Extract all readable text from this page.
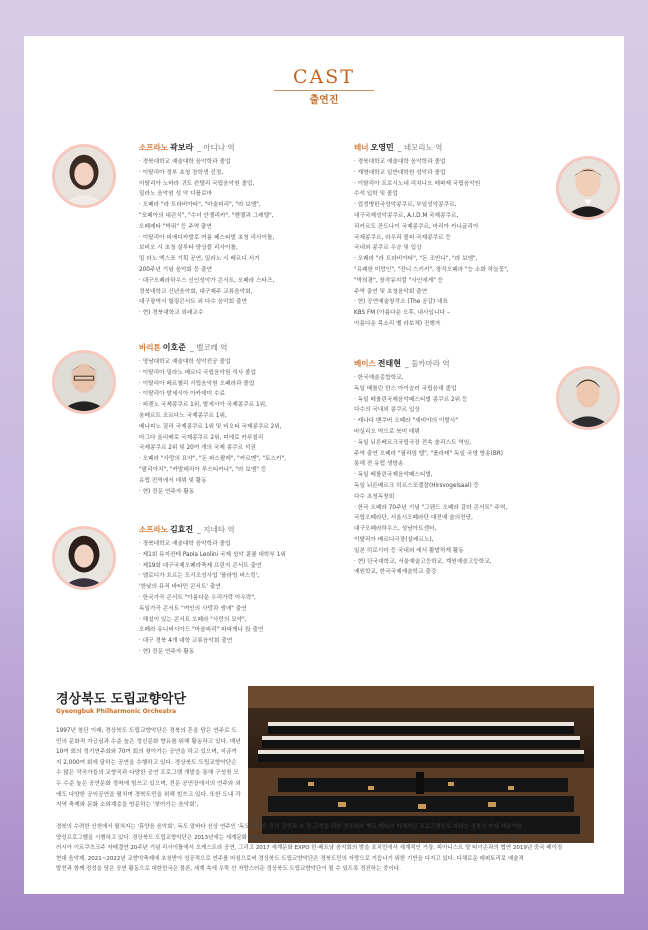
CAST
출연진
소프라노 곽보라 _ 아디나 역
· 경북대학교 예술대학 음악학과 졸업
· 이탈리아 정부 초청 장학생 선정,
이탈리아 노바라 귀도 칸텔리 국립음악원 졸업,
밀라노 음악원 성 악 디플로마
· 오페라 "라 트라비아타", "마술피리", "라 보엠",
"포페아의 대관식", "수녀 안젤리카", "헨젤과 그레텔",
오페레타 "박쥐" 등 주역 출연
· 이탈리아 피에디카발로 여름 페스티벌 초청 리사이틀,
보비오 시 초청 살루타 양상블 리사이틀,
밀 라노 엑스포 기획 공연, 밀라노 시 베르디 서거
200주년 기념 음악회 등 출연
· 대구오페라하우스 신인성악가 콘서트, 오페라 스타즈,
경북대학교 신년음악회, 대구제주 교류음악회,
대구광역시 힐링콘서트 외 다수 음악회 출연
· 현) 경북대학교 외래교수
테너 오영민 _ 네모리노 역
· 경북대학교 예술대학 음악학과 졸업
· 계명대학교 일반대학원 성악과 졸업
· 이탈리아 프로시노네 리치나오 레파제 국립음악원
수석 입학 및 졸업
· 업정병한국성악콩쿠르, 부일성악콩쿠르,
대구국제성악콩쿠르, A.I.D.M 국제콩쿠르,
리카르도 잔도나이 국제콩쿠르, 마리아 카니글리아
국제콩쿠르, 라우리 볼피 국제콩쿠르 등
국내외 콩쿠르 우승 및 입상
· 오페라 "라 트라비아타", "돈 조반니", "라 보엠",
"유쾌한 미망인", "잔니 스키키", 창작오페라 "능 소화 하늘꽃",
"박희광", 창작뮤지컬 "사인에게" 등
주역 출연 및 초청음악회 출연
· 현) 공연예술창작소 (The 공감) 대표
KBS FM (아름다운 오후, 내사입니다 –
아름다운 목소리 벨 라보체) 진행자
바리톤 이호준 _ 벨코레 역
· 영남대학교 예술대학 성악전공 졸업
· 이탈리아 밀라노 베르디 국립음악원 석사 졸업
· 이탈리아 베르첼리 시립음악원 오페라과 졸업
· 이탈리아 발세시아 아카데미 수료
· 피렌노 국제콩쿠르 1위, 발세시아 국제콩쿠르 1위,
움베르트 조르다노 국제콩쿠르 1위,
베나피노 질리 국제콩쿠르 1위 및 비오티 국제콩쿠르 2위,
마그다 올리베로 국제콩쿠르 2위, 피에로 카푸칠리
국제콩쿠르 2위 및 20여 개의 국제 콩쿠르 석권
· 오페라 "사랑의 묘약", "돈 파스콸레", "카르멘", "토스카",
"팔리아치", "카발레리아 루스티카나", "라 보엠" 등
유럽 전역에서 데뷔 및 활동
· 현) 전문 연주자 활동
베이스 전태현 _ 둘카마라 역
· 한국예술종합학교,
독일 베를린 한스 아이슬러 국립음대 졸업
· 독일 베를린국제음악페스티벌 콩쿠르 2위 등
다수의 국내외 콩쿠르 입상
· 캐나다 밴쿠버 오페라 "세비야의 이발사"
바실리오 역으로 북미 데뷔
· 독일 뉘른베르크국립극장 전속 솔리스트 역임,
주역 출연 오페라 "필리엄 텔", "플라테" 독일 국영 방송(BR)
통해 전 유럽 생방송
· 독일 베를린국제음악페스티벌,
독일 뉘른베르크 히르스포겔잘(Hirsvogelsaal) 등
다수 초청독창회
· 한국 오페라 70주년 기념 "그랜드 오페라 갈라 콘서트" 주역,
국립오페라단, 서울시오페라단 대전예 술의전당,
대구오페라하우스, 성남아트센터,
이탈리아 베르디극장(살레르노),
일본 히로시마 등 국내외 에서 활발하게 활동
· 현) 단국대학교, 서울예술고등학교, 계원예술고등학교,
예원학교, 한국국제예술학교 출강
소프라노 김효진 _ 지네타 역
· 경북대학교 예술대학 음악학과 졸업
· 제1회 뮤지컨테 Paola Leolini 국제 성악 콩쿨 대학부 1위
· 제19회 대구국제오페라축제 프린지 콘서트 출연
· 앨로디가 흐르는 도시조성사업 '플라빙 버스킹',
'한낮의 뮤직 바타민 콘서트' 출연
· 한국가곡 콘서트 "아름다운 우리가락 아우락",
독일가곡 콘서트 "여인의 사랑과 생애" 출연
· 해설이 있는 콘서트 오페라 "사랑의 묘약",
오페라 유니버시아드 "마술피리" 파파게나 役 출연
· 대구 경북 4개 대학 교류음악회 출연
· 현) 전문 연주자 활동
경상북도 도립교향악단
Gyeongbuk Philharmonic Orchestra

1997년 창단 이래, 경상북도 도립교향악단은 경북의 흔을 담은 연주로 도민의 문화적 자긍심과 수준 높은 정신문화 향유를 위해 활동하고 있다. 매년 10여 회의 정기연주회와 70여 회의 찾아가는 공연을 하고 있으며, 지금까지 2,000여 회에 달하는 공연을 수행하고 있다. 경상북도 도립교향악단은 수 많은 작곡가들의 교향곡과 다양한 공연 프로그램 개발을 통해 구성원 모두 수준 높은 공연문화 정착에 힘쓰고 있으며, 전문 공연장에서의 연주와 외에도 다양한 공익공연을 펼치며 경북도민을 위해 힘쓰고 있다. 또한 도내 각 지역 축제와 문화 소외계층을 방문하는 '찾아가는 음악회',

경북의 수려한 산천에서 펼쳐지는 '휴양음 음악회', 독도 알바다 선상 연주인 '독도음악회' 등의 공연과 초·중·고생을 위한 연주회와 멘토·멘티의 자체적인 프로그램들로 자라는 경북의 미래 예술자원
양성프로그램을 시행하고 있다. 경상북도 도립교향악단은 2013년에는 세계문화 EXPO에서 이스탄불 CRR오케스트라와의 합동공연 및 터키 현지 공연을 초청 속에 마쳤으며, 2016년 경상북도와
러시아 이르쿠츠크주 자매결연 20주년 기념 리사이틀에서 오케스트라 공연, 그리고 2017 세계문화 EXPO 한·베트남 음악회의 밤을 호치민에서 세계적인 거장, 피아니스트 당 타이손과의 협연 2019년 중국 베이징
현대 음악제, 2021~2022년 교향악축제에 초청받아 성공적으로 연주를 마침으로써 경상북도 도립교향악단은 경북도민의 자랑으로 거듭나기 위한 기반을 다지고 있다. 다채로운 레퍼토리로 예술적
발전과 함께 정성을 담은 공연 활동으로 대한민국은 물론, 세계 속에 우뚝 선 자랑스러운 경상북도 도립교향악단이 될 수 있도록 정진하는 중이다.
